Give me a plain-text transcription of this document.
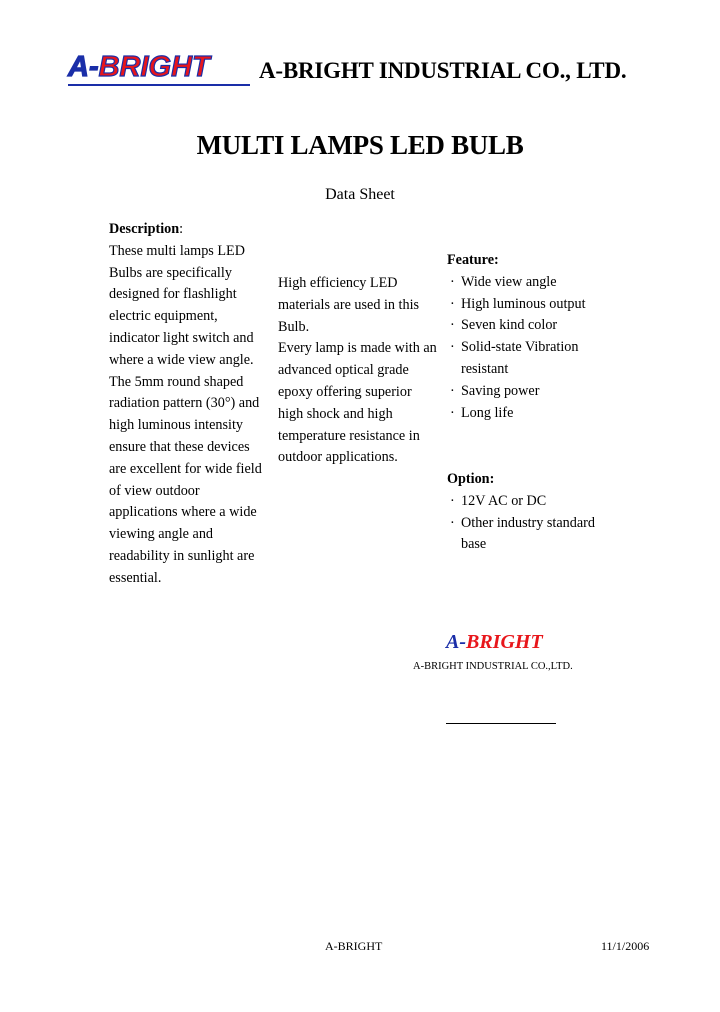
A-BRIGHT A-BRIGHT INDUSTRIAL CO., LTD.
MULTI LAMPS LED BULB
Data Sheet
Description:
These multi lamps LED
Bulbs are specifically
designed for flashlight
electric equipment,
indicator light switch and
where a wide view angle.
The 5mm round shaped
radiation pattern (30°) and
high luminous intensity
ensure that these devices
are excellent for wide field
of view outdoor
applications where a wide
viewing angle and
readability in sunlight are
essential.
High efficiency LED
materials are used in this
Bulb.
Every lamp is made with an
advanced optical grade
epoxy offering superior
high shock and high
temperature resistance in
outdoor applications.
Feature:
· Wide view angle
· High luminous output
· Seven kind color
· Solid-state Vibration
resistant
· Saving power
· Long life
Option:
· 12V AC or DC
· Other industry standard
base
A-BRIGHT
A-BRIGHT INDUSTRIAL CO.,LTD.
A-BRIGHT	11/1/2006
